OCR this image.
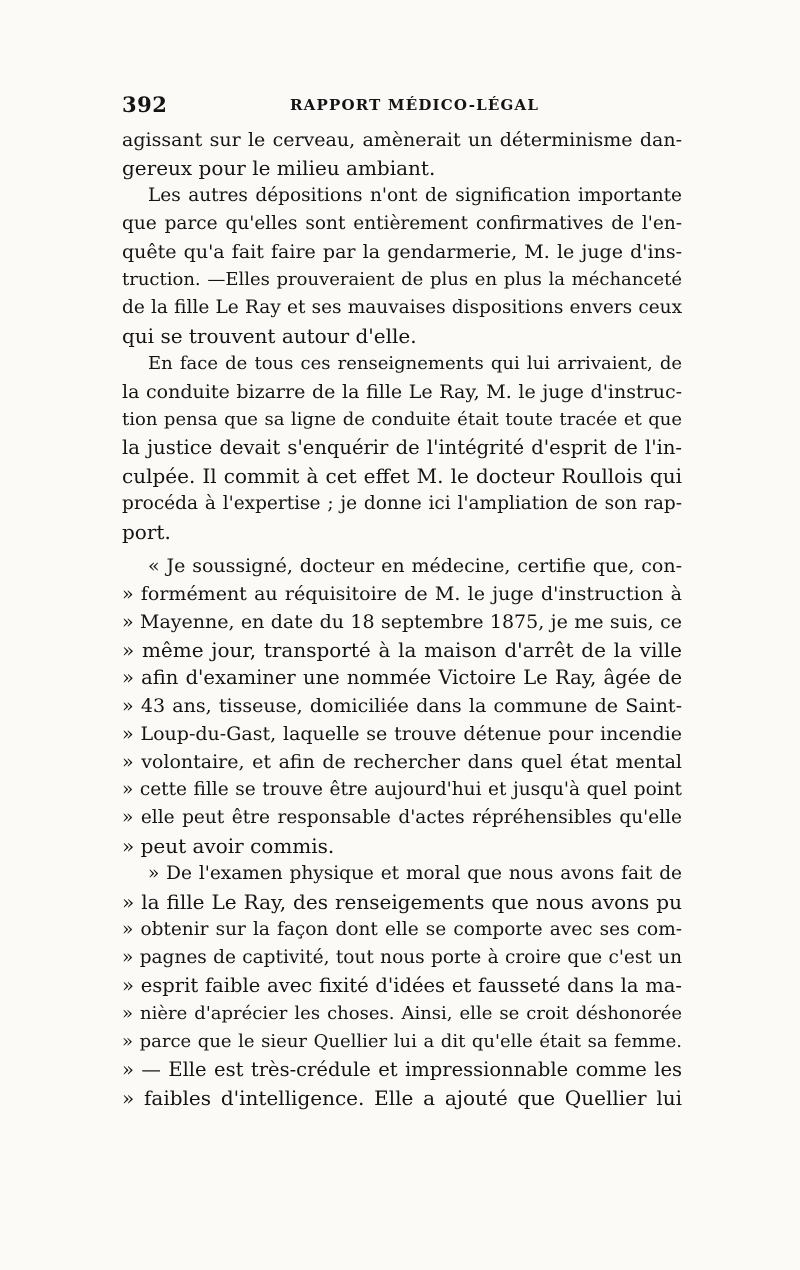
392	RAPPORT MÉDICO-LÉGAL
agissant sur le cerveau, amènerait un déterminisme dan-
gereux pour le milieu ambiant.
Les autres dépositions n'ont de signification importante
que parce qu'elles sont entièrement confirmatives de l'en-
quête qu'a fait faire par la gendarmerie, M. le juge d'ins-
truction. —Elles prouveraient de plus en plus la méchanceté
de la fille Le Ray et ses mauvaises dispositions envers ceux
qui se trouvent autour d'elle.
En face de tous ces renseignements qui lui arrivaient, de
la conduite bizarre de la fille Le Ray, M. le juge d'instruc-
tion pensa que sa ligne de conduite était toute tracée et que
la justice devait s'enquérir de l'intégrité d'esprit de l'in-
culpée. Il commit à cet effet M. le docteur Roullois qui
procéda à l'expertise ; je donne ici l'ampliation de son rap-
port.
« Je soussigné, docteur en médecine, certifie que, con-
» formément au réquisitoire de M. le juge d'instruction à
» Mayenne, en date du 18 septembre 1875, je me suis, ce
» même jour, transporté à la maison d'arrêt de la ville
» afin d'examiner une nommée Victoire Le Ray, âgée de
» 43 ans, tisseuse, domiciliée dans la commune de Saint-
» Loup-du-Gast, laquelle se trouve détenue pour incendie
» volontaire, et afin de rechercher dans quel état mental
» cette fille se trouve être aujourd'hui et jusqu'à quel point
» elle peut être responsable d'actes répréhensibles qu'elle
» peut avoir commis.
» De l'examen physique et moral que nous avons fait de
» la fille Le Ray, des renseigements que nous avons pu
» obtenir sur la façon dont elle se comporte avec ses com-
» pagnes de captivité, tout nous porte à croire que c'est un
» esprit faible avec fixité d'idées et fausseté dans la ma-
» nière d'aprécier les choses. Ainsi, elle se croit déshonorée
» parce que le sieur Quellier lui a dit qu'elle était sa femme.
» — Elle est très-crédule et impressionnable comme les
» faibles d'intelligence. Elle a ajouté que Quellier lui
